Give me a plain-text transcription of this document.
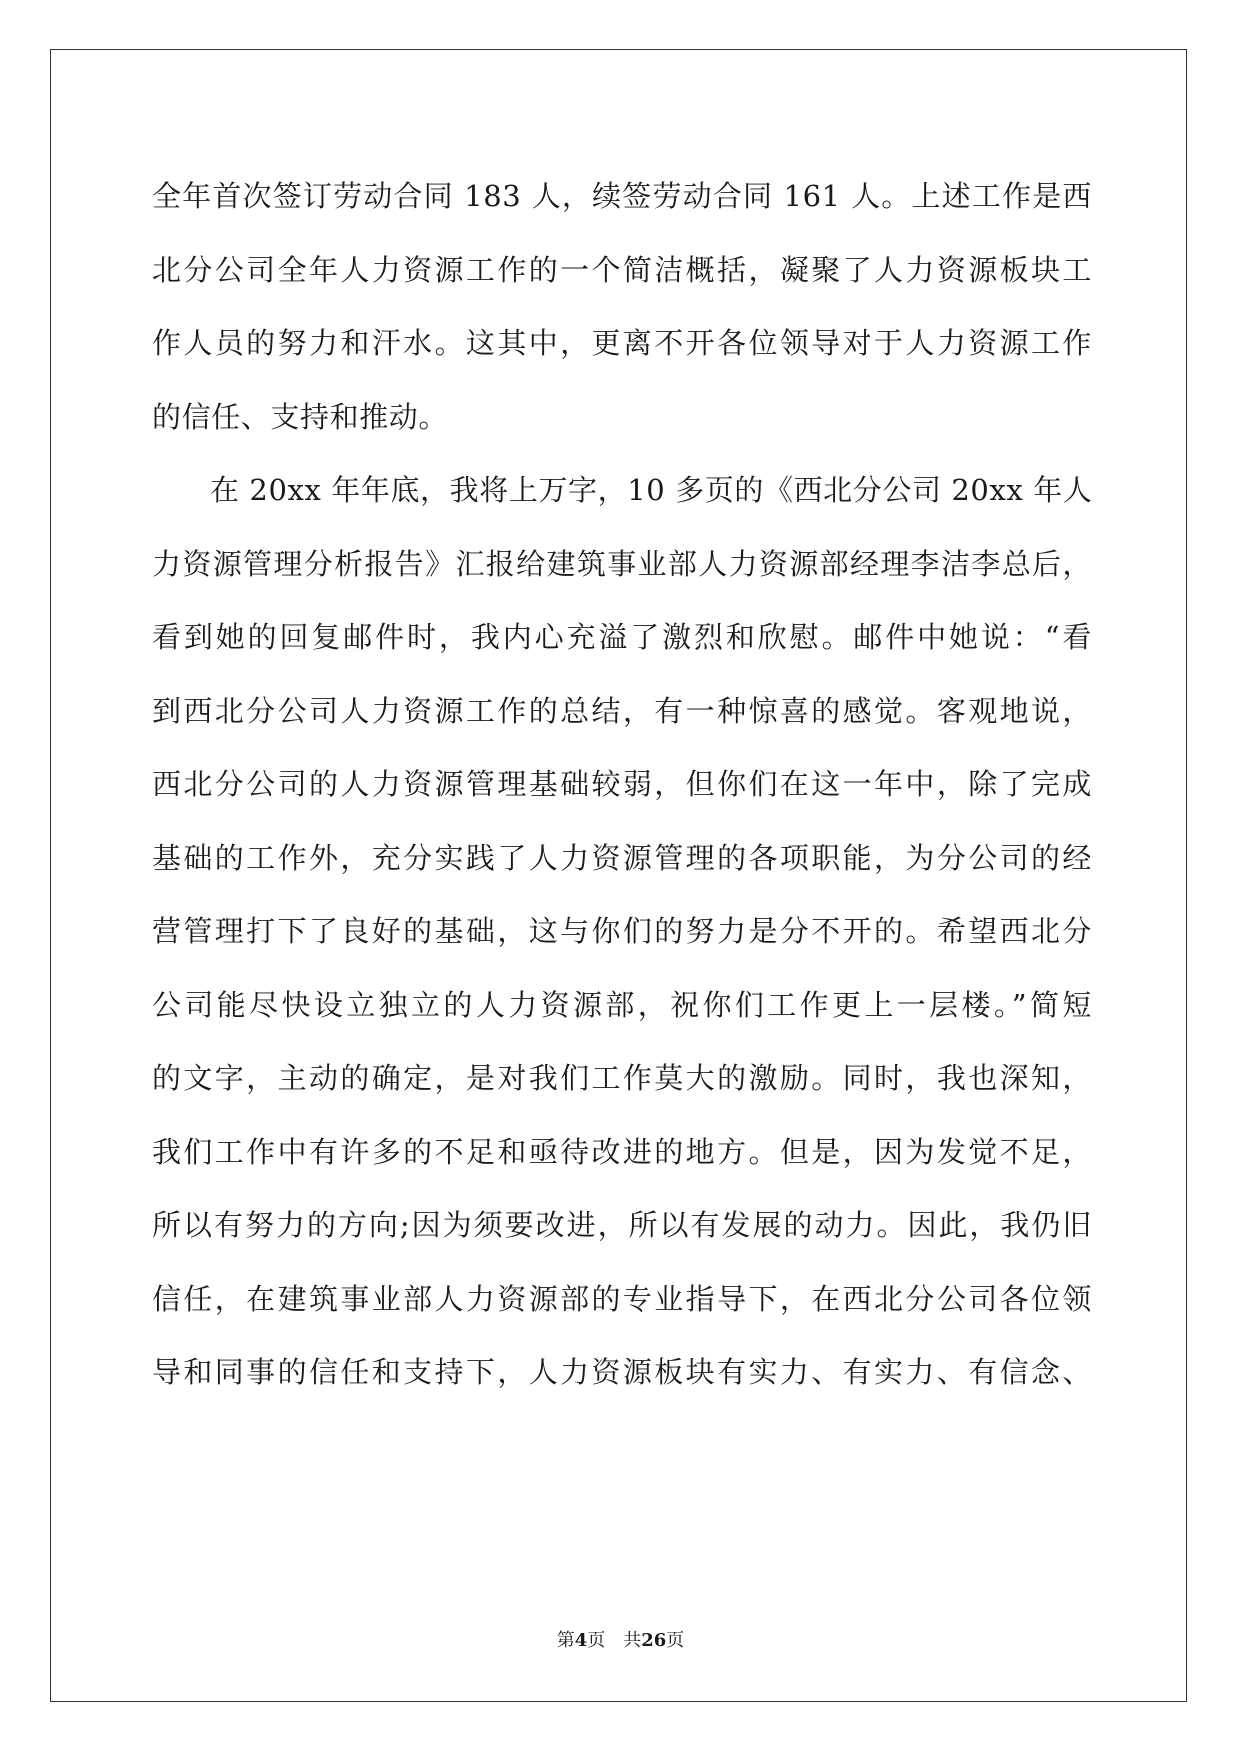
全年首次签订劳动合同 183 人，续签劳动合同 161 人。上述工作是西
北分公司全年人力资源工作的一个简洁概括，凝聚了人力资源板块工
作人员的努力和汗水。这其中，更离不开各位领导对于人力资源工作
的信任、支持和推动。
在 20xx 年年底，我将上万字，10 多页的《西北分公司 20xx 年人
力资源管理分析报告》汇报给建筑事业部人力资源部经理李洁李总后，
看到她的回复邮件时，我内心充溢了激烈和欣慰。邮件中她说：“看
到西北分公司人力资源工作的总结，有一种惊喜的感觉。客观地说，
西北分公司的人力资源管理基础较弱，但你们在这一年中，除了完成
基础的工作外，充分实践了人力资源管理的各项职能，为分公司的经
营管理打下了良好的基础，这与你们的努力是分不开的。希望西北分
公司能尽快设立独立的人力资源部，祝你们工作更上一层楼。”简短
的文字，主动的确定，是对我们工作莫大的激励。同时，我也深知，
我们工作中有许多的不足和亟待改进的地方。但是，因为发觉不足，
所以有努力的方向;因为须要改进，所以有发展的动力。因此，我仍旧
信任，在建筑事业部人力资源部的专业指导下，在西北分公司各位领
导和同事的信任和支持下，人力资源板块有实力、有实力、有信念、
第4页　共26页
